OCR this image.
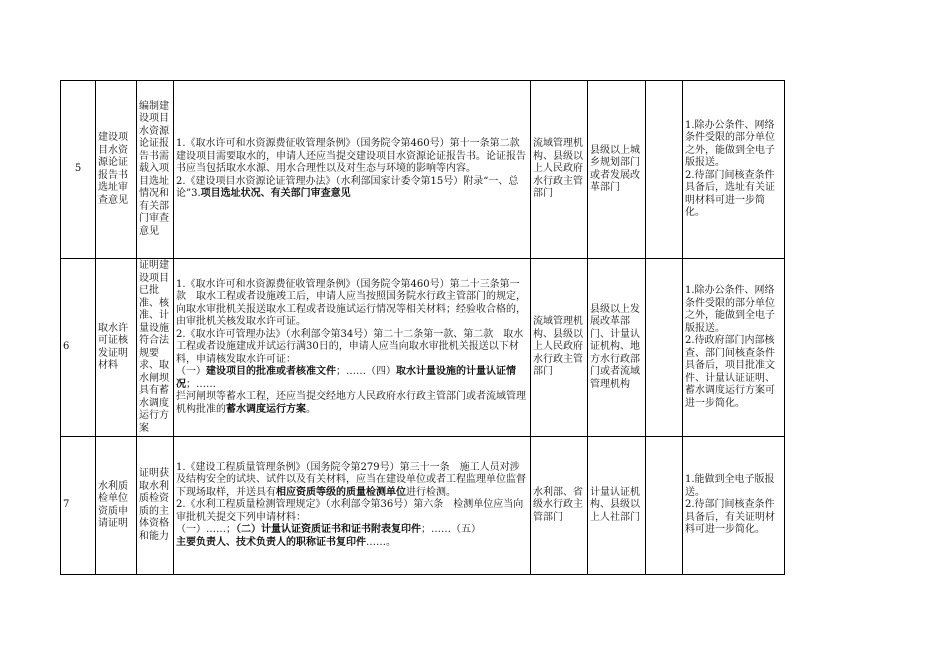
5	建设项目水资源论证报告书选址审查意见	编制建设项目水资源论证报告书需载入项目选址情况和有关部门审查意见	1.《取水许可和水资源费征收管理条例》（国务院令第460号）第十一条第二款　建设项目需要取水的，申请人还应当提交建设项目水资源论证报告书。论证报告书应当包括取水水源、用水合理性以及对生态与环境的影响等内容。
2.《建设项目水资源论证管理办法》（水利部国家计委令第15号）附录“一、总论”3.项目选址状况、有关部门审查意见	流域管理机构、县级以上人民政府水行政主管部门	县级以上城乡规划部门或者发展改革部门		1.除办公条件、网络条件受限的部分单位之外，能做到全电子版报送。
2.待部门间核查条件具备后，选址有关证明材料可进一步简化。
6	取水许可证核发证明材料	证明建设项目已批准、核准、计量设施符合法规要求、取水闸坝具有蓄水调度运行方案	1.《取水许可和水资源费征收管理条例》（国务院令第460号）第二十三条第一款　取水工程或者设施竣工后，申请人应当按照国务院水行政主管部门的规定，向取水审批机关报送取水工程或者设施试运行情况等相关材料；经验收合格的，由审批机关核发取水许可证。
2.《取水许可管理办法》（水利部令第34号）第二十二条第一款、第二款　取水工程或者设施建成并试运行满30日的，申请人应当向取水审批机关报送以下材料，申请核发取水许可证：
（一）建设项目的批准或者核准文件；……（四）取水计量设施的计量认证情况；……
拦河闸坝等蓄水工程，还应当提交经地方人民政府水行政主管部门或者流域管理机构批准的蓄水调度运行方案。	流域管理机构、县级以上人民政府水行政主管部门	县级以上发展改革部门、计量认证机构、地方水行政部门或者流域管理机构		1.除办公条件、网络条件受限的部分单位之外，能做到全电子版报送。
2.待政府部门内部核查、部门间核查条件具备后，项目批准文件、计量认证证明、蓄水调度运行方案可进一步简化。
7	水利质检单位资质申请证明	证明获取水利质检资质的主体资格和能力	1.《建设工程质量管理条例》（国务院令第279号）第三十一条　施工人员对涉及结构安全的试块、试件以及有关材料，应当在建设单位或者工程监理单位监督下现场取样，并送具有相应资质等级的质量检测单位进行检测。
2.《水利工程质量检测管理规定》（水利部令第36号）第六条　检测单位应当向审批机关提交下列申请材料：
（一）……；（二）计量认证资质证书和证书附表复印件；……（五）
主要负责人、技术负责人的职称证书复印件……。	水利部、省级水行政主管部门	计量认证机构、县级以上人社部门		1.能做到全电子版报送。
2.待部门间核查条件具备后，有关证明材料可进一步简化。
